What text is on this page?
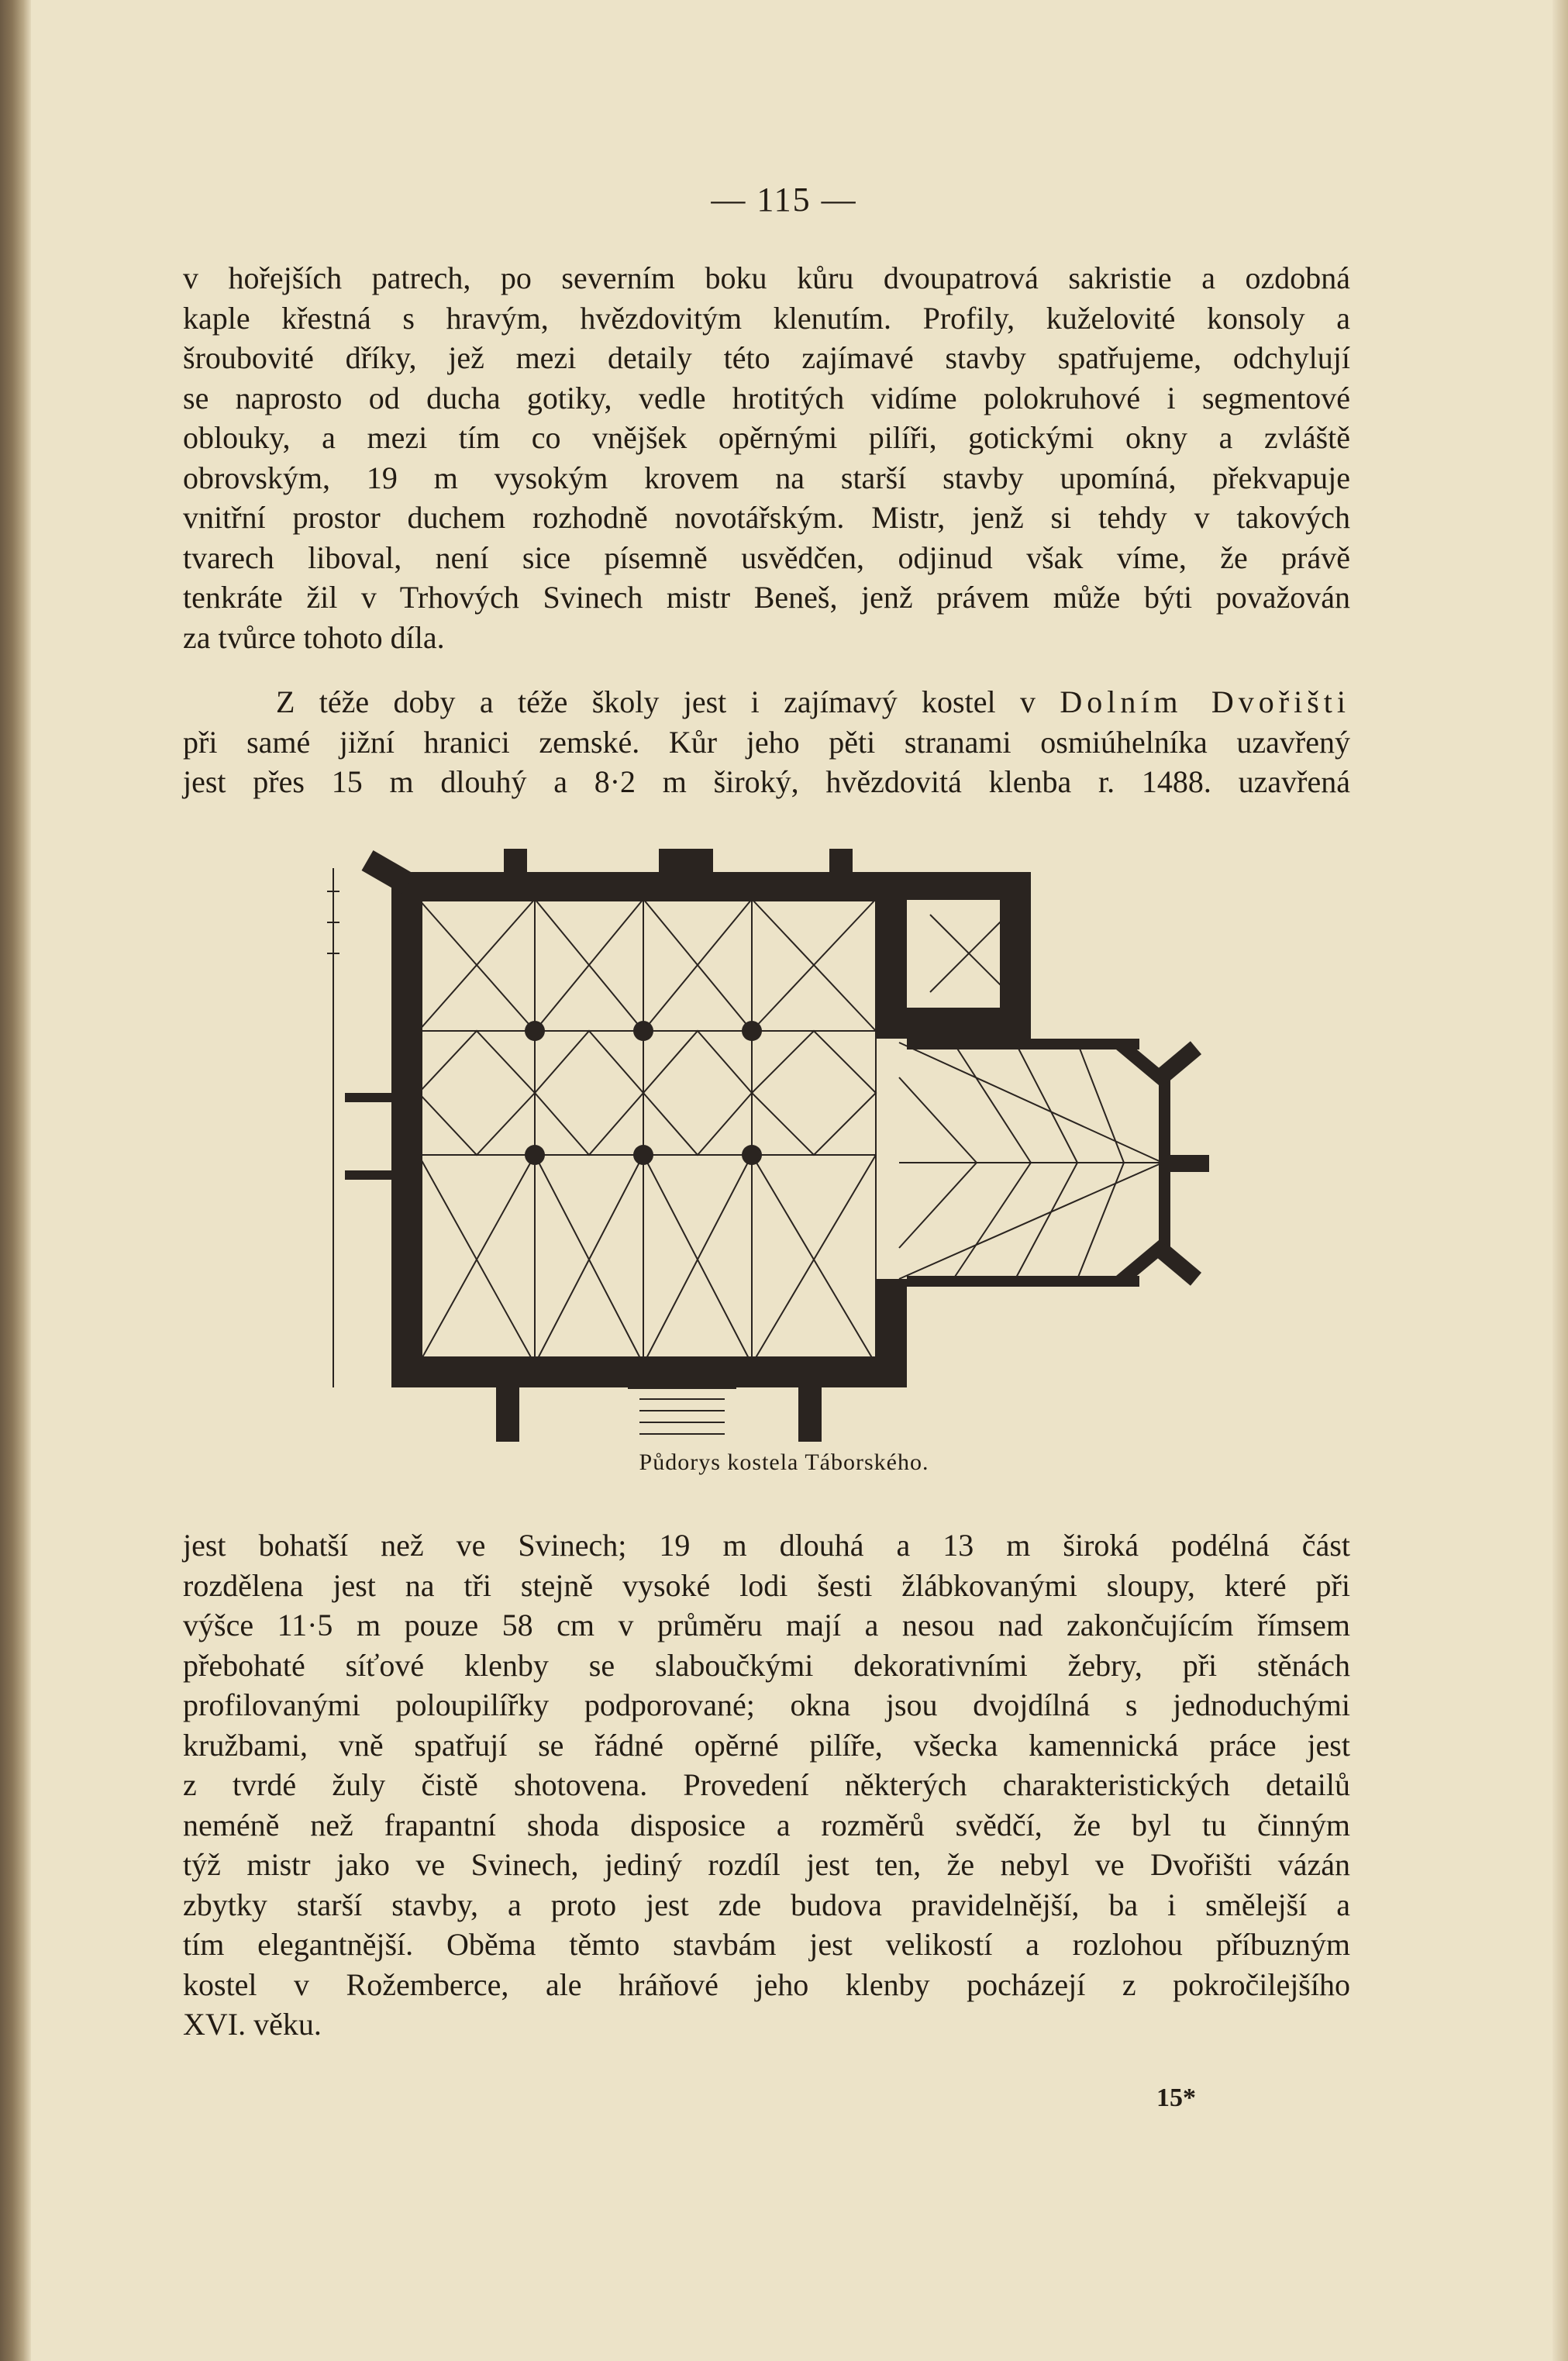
— 115 —
v hořejších patrech, po severním boku kůru dvoupatrová sakristie a ozdobná
kaple křestná s hravým, hvězdovitým klenutím. Profily, kuželovité konsoly a
šroubovité dříky, jež mezi detaily této zajímavé stavby spatřujeme, odchylují
se naprosto od ducha gotiky, vedle hrotitých vidíme polokruhové i segmentové
oblouky, a mezi tím co vnějšek opěrnými pilíři, gotickými okny a zvláště
obrovským, 19 m vysokým krovem na starší stavby upomíná, překvapuje
vnitřní prostor duchem rozhodně novotářským. Mistr, jenž si tehdy v takových
tvarech liboval, není sice písemně usvědčen, odjinud však víme, že právě
tenkráte žil v Trhových Svinech mistr Beneš, jenž právem může býti považován
za tvůrce tohoto díla.
Z téže doby a téže školy jest i zajímavý kostel v Dolním Dvořišti
při samé jižní hranici zemské. Kůr jeho pěti stranami osmiúhelníka uzavřený
jest přes 15 m dlouhý a 8·2 m široký, hvězdovitá klenba r. 1488. uzavřená
Půdorys kostela Táborského.
jest bohatší než ve Svinech; 19 m dlouhá a 13 m široká podélná část
rozdělena jest na tři stejně vysoké lodi šesti žlábkovanými sloupy, které při
výšce 11·5 m pouze 58 cm v průměru mají a nesou nad zakončujícím římsem
přebohaté síťové klenby se slaboučkými dekorativními žebry, při stěnách
profilovanými poloupilířky podporované; okna jsou dvojdílná s jednoduchými
kružbami, vně spatřují se řádné opěrné pilíře, všecka kamennická práce jest
z tvrdé žuly čistě shotovena. Provedení některých charakteristických detailů
neméně než frapantní shoda disposice a rozměrů svědčí, že byl tu činným
týž mistr jako ve Svinech, jediný rozdíl jest ten, že nebyl ve Dvořišti vázán
zbytky starší stavby, a proto jest zde budova pravidelnější, ba i smělejší a
tím elegantnější. Oběma těmto stavbám jest velikostí a rozlohou příbuzným
kostel v Rožemberce, ale hráňové jeho klenby pocházejí z pokročilejšího
XVI. věku.
15*
